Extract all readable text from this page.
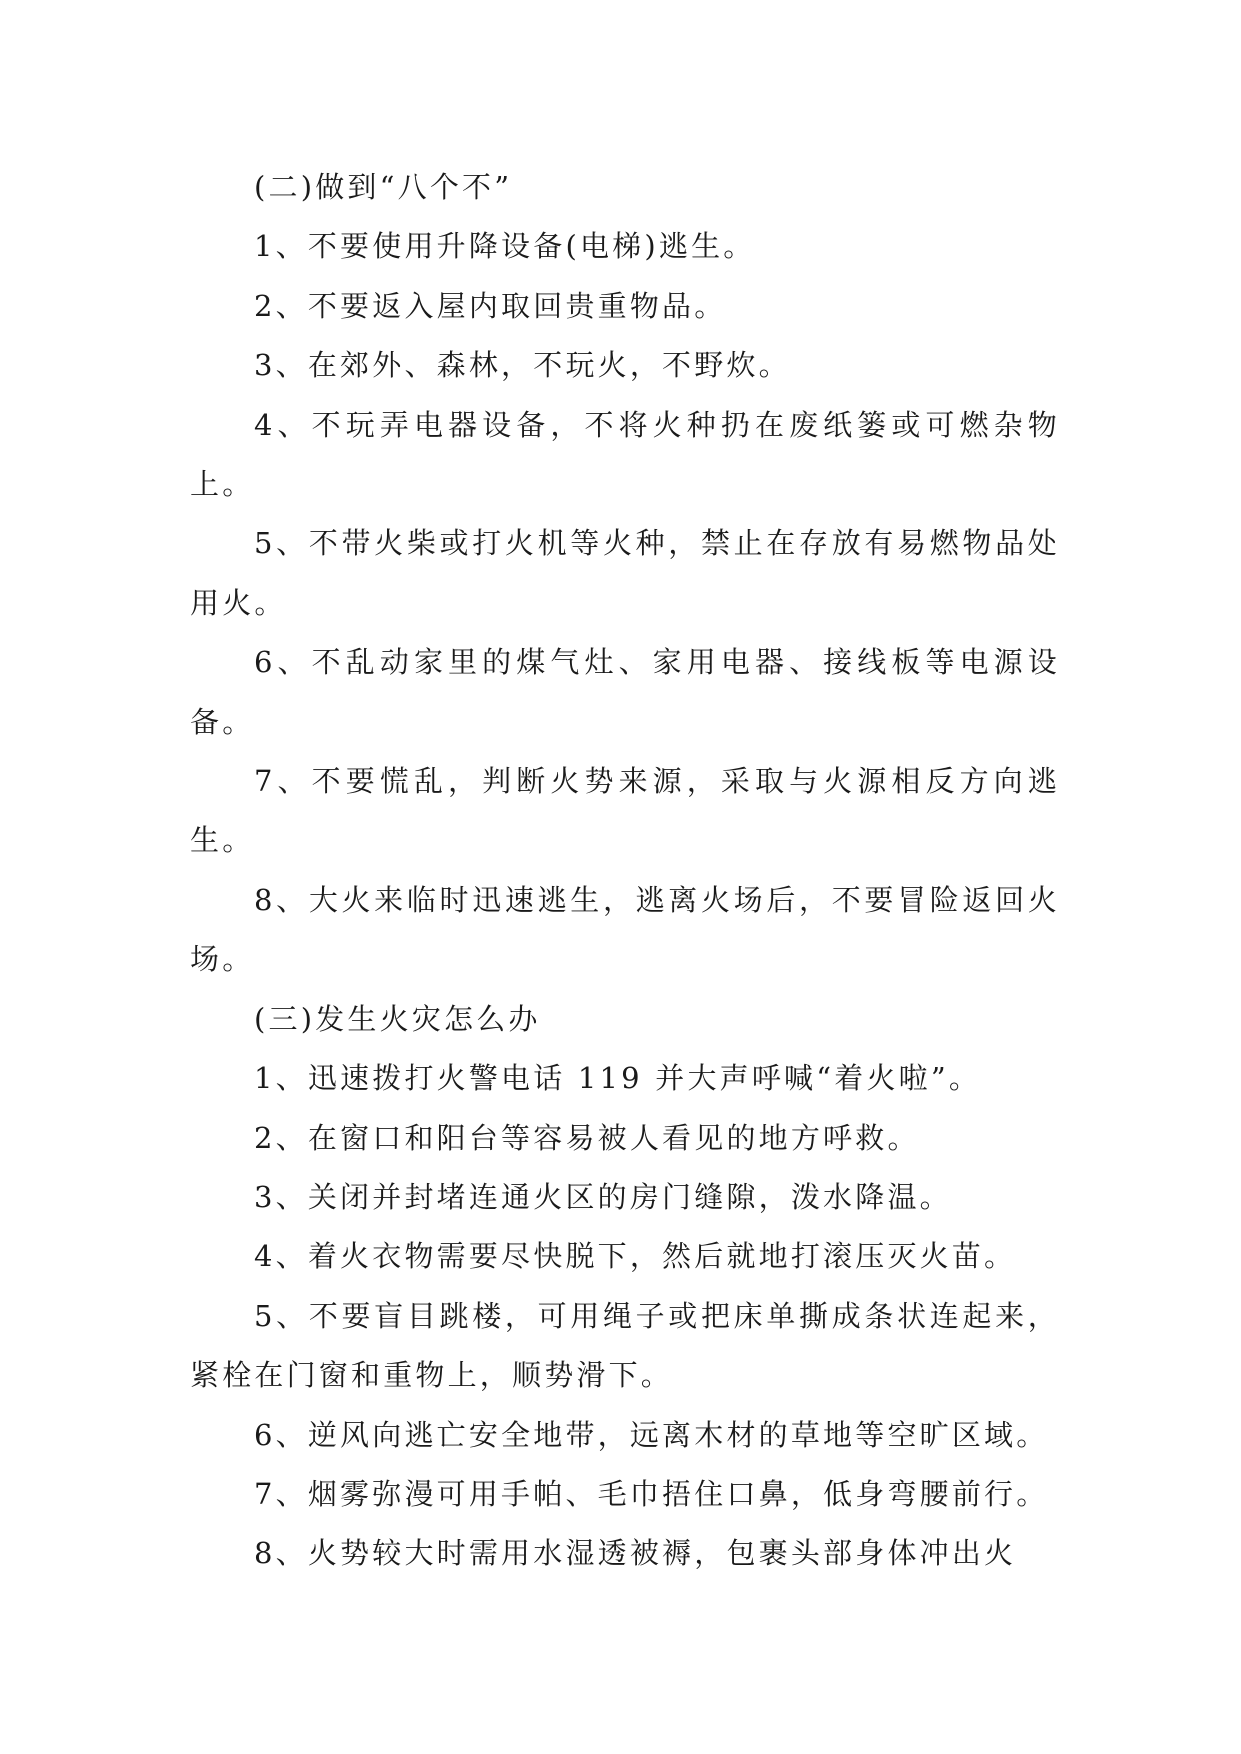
(二)做到“八个不”

1、不要使用升降设备(电梯)逃生。

2、不要返入屋内取回贵重物品。

3、在郊外、森林，不玩火，不野炊。

4、不玩弄电器设备，不将火种扔在废纸篓或可燃杂物上。

5、不带火柴或打火机等火种，禁止在存放有易燃物品处用火。

6、不乱动家里的煤气灶、家用电器、接线板等电源设备。

7、不要慌乱，判断火势来源，采取与火源相反方向逃生。

8、大火来临时迅速逃生，逃离火场后，不要冒险返回火场。

(三)发生火灾怎么办

1、迅速拨打火警电话 119 并大声呼喊“着火啦”。

2、在窗口和阳台等容易被人看见的地方呼救。

3、关闭并封堵连通火区的房门缝隙，泼水降温。

4、着火衣物需要尽快脱下，然后就地打滚压灭火苗。

5、不要盲目跳楼，可用绳子或把床单撕成条状连起来，紧栓在门窗和重物上，顺势滑下。

6、逆风向逃亡安全地带，远离木材的草地等空旷区域。

7、烟雾弥漫可用手帕、毛巾捂住口鼻，低身弯腰前行。

8、火势较大时需用水湿透被褥，包裹头部身体冲出火
